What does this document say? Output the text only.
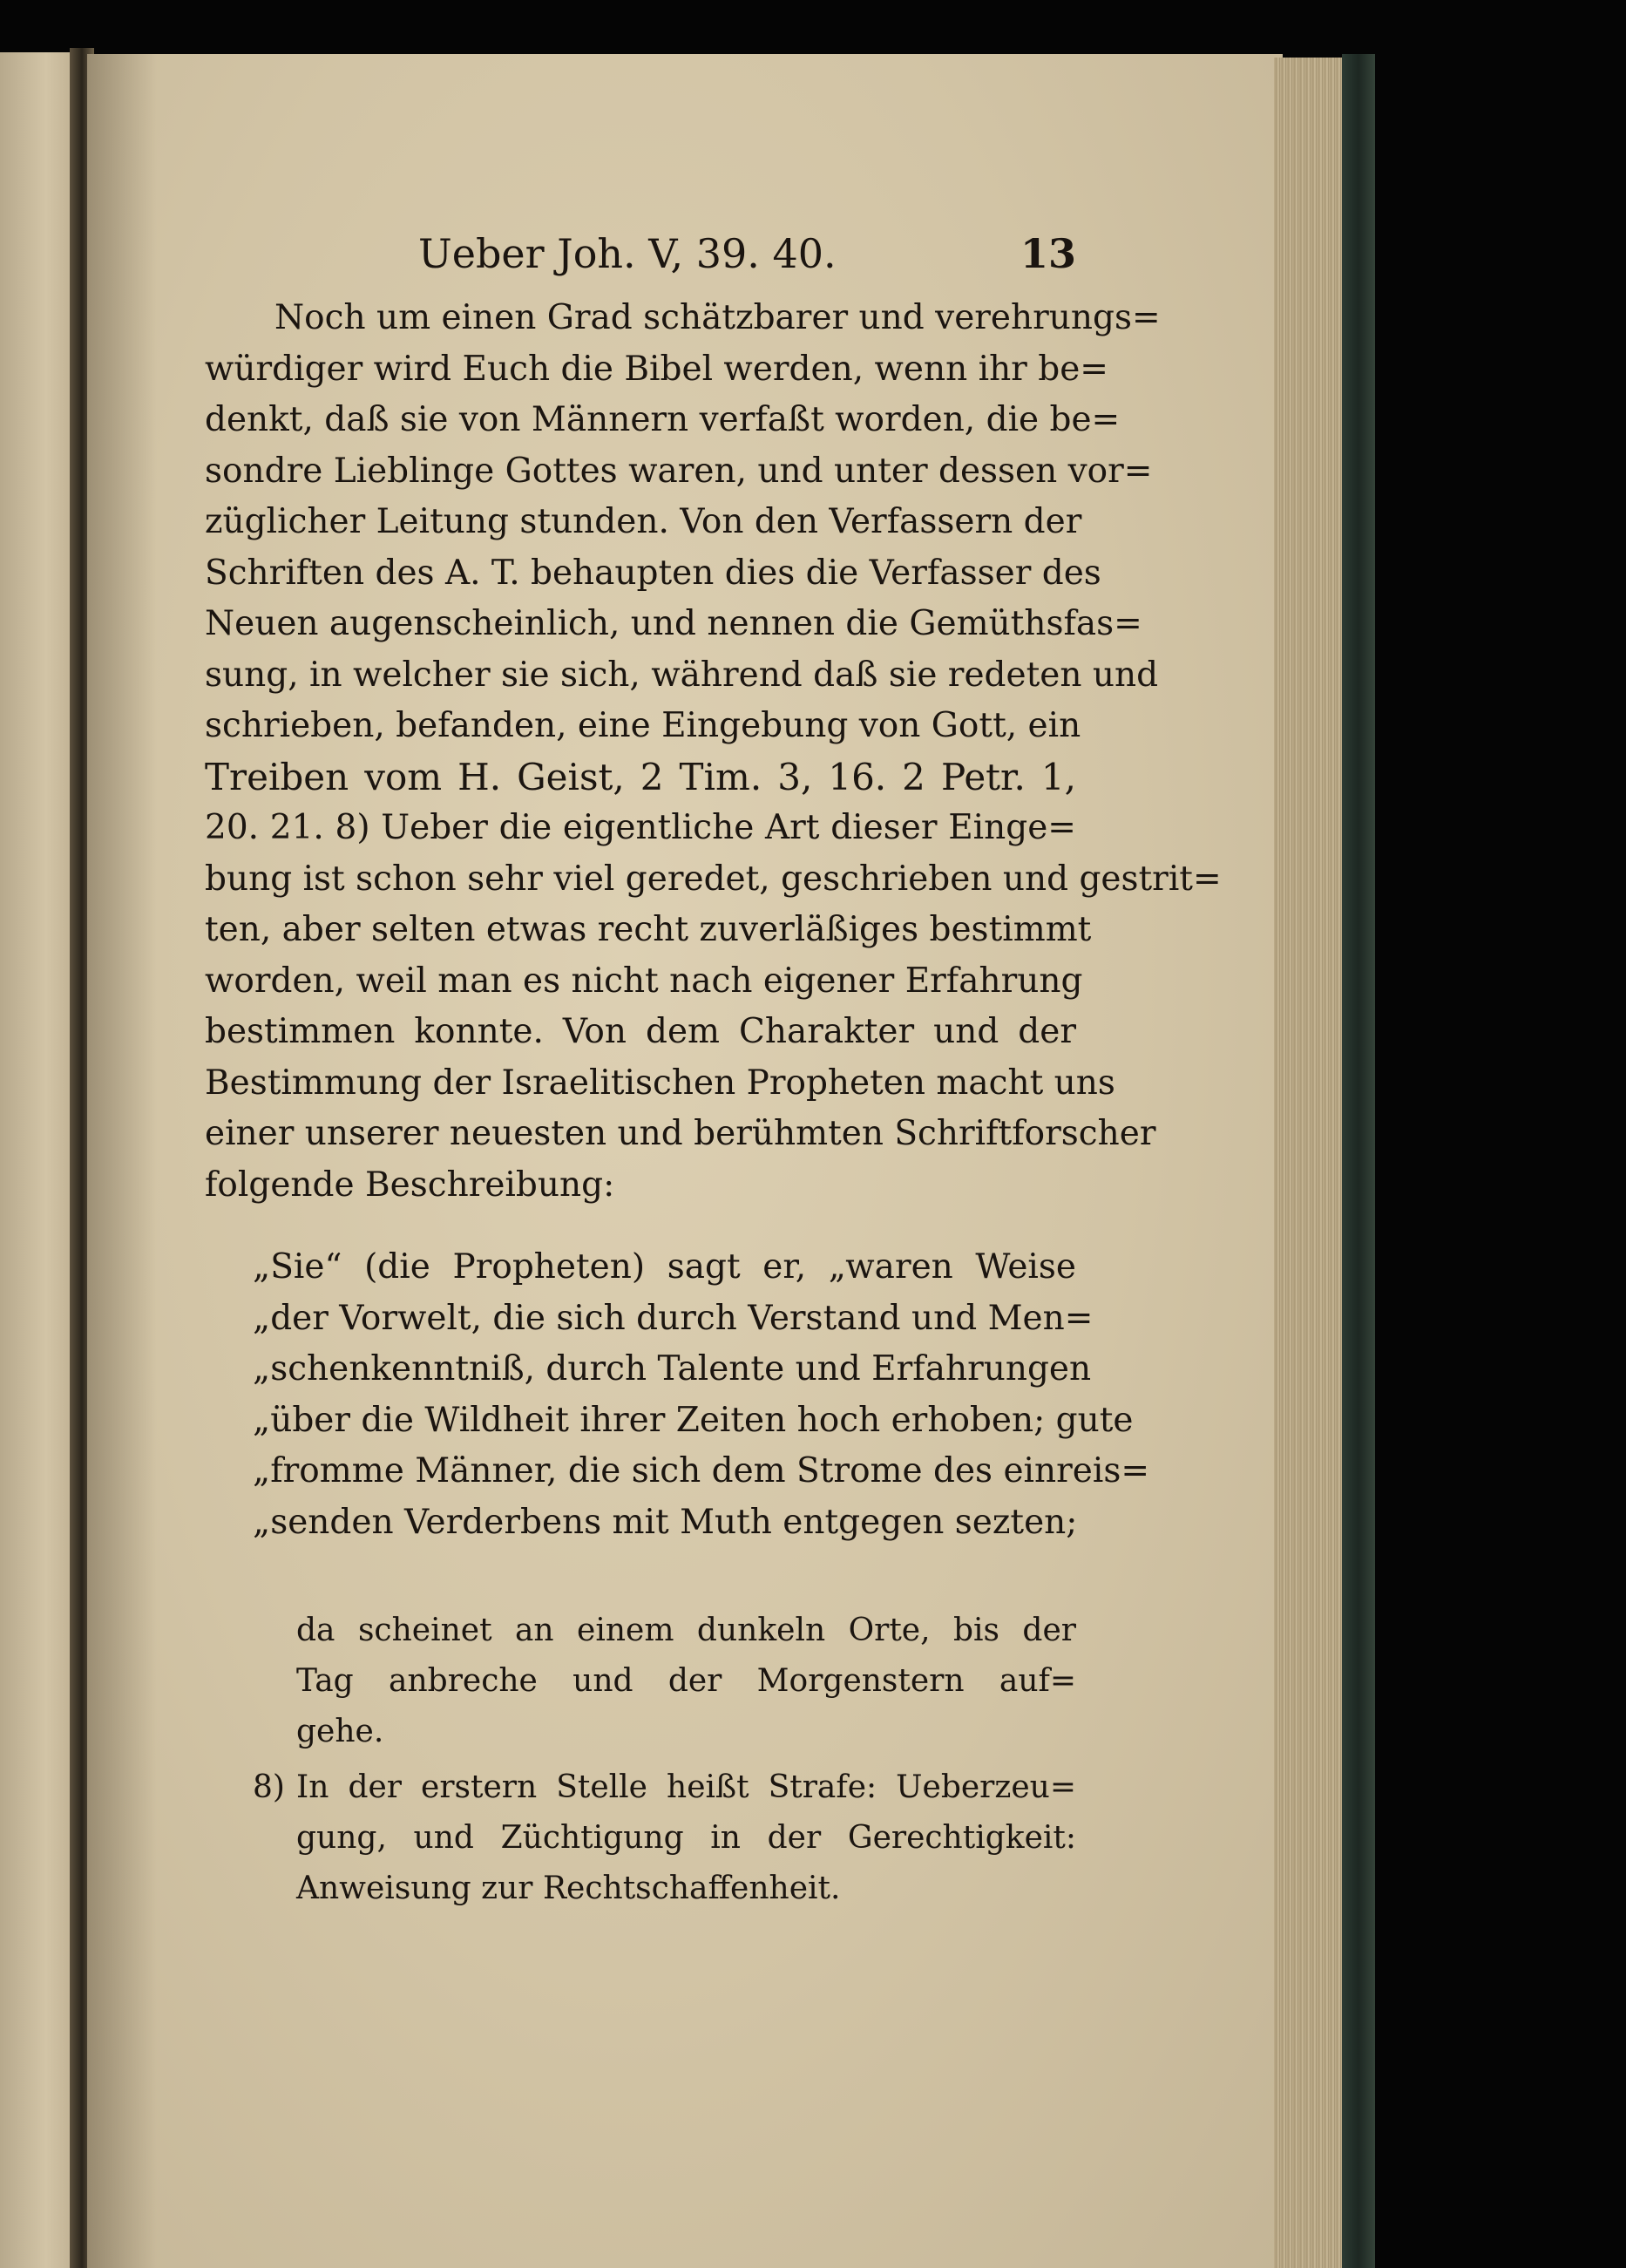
Ueber Joh. V, 39. 40.	13
Noch um einen Grad schätzbarer und verehrungs=
würdiger wird Euch die Bibel werden, wenn ihr be=
denkt, daß sie von Männern verfaßt worden, die be=
sondre Lieblinge Gottes waren, und unter dessen vor=
züglicher Leitung stunden. Von den Verfassern der
Schriften des A. T. behaupten dies die Verfasser des
Neuen augenscheinlich, und nennen die Gemüthsfas=
sung, in welcher sie sich, während daß sie redeten und
schrieben, befanden, eine Eingebung von Gott, ein
Treiben vom H. Geist, 2 Tim. 3, 16. 2 Petr. 1,
20. 21. 8) Ueber die eigentliche Art dieser Einge=
bung ist schon sehr viel geredet, geschrieben und gestrit=
ten, aber selten etwas recht zuverläßiges bestimmt
worden, weil man es nicht nach eigener Erfahrung
bestimmen konnte. Von dem Charakter und der
Bestimmung der Israelitischen Propheten macht uns
einer unserer neuesten und berühmten Schriftforscher
folgende Beschreibung:
„Sie“ (die Propheten) sagt er, „waren Weise
„der Vorwelt, die sich durch Verstand und Men=
„schenkenntniß, durch Talente und Erfahrungen
„über die Wildheit ihrer Zeiten hoch erhoben; gute
„fromme Männer, die sich dem Strome des einreis=
„senden Verderbens mit Muth entgegen sezten;
da scheinet an einem dunkeln Orte, bis der
Tag anbreche und der Morgenstern auf=
gehe.
8) In der erstern Stelle heißt Strafe: Ueberzeu=
gung, und Züchtigung in der Gerechtigkeit:
Anweisung zur Rechtschaffenheit.
